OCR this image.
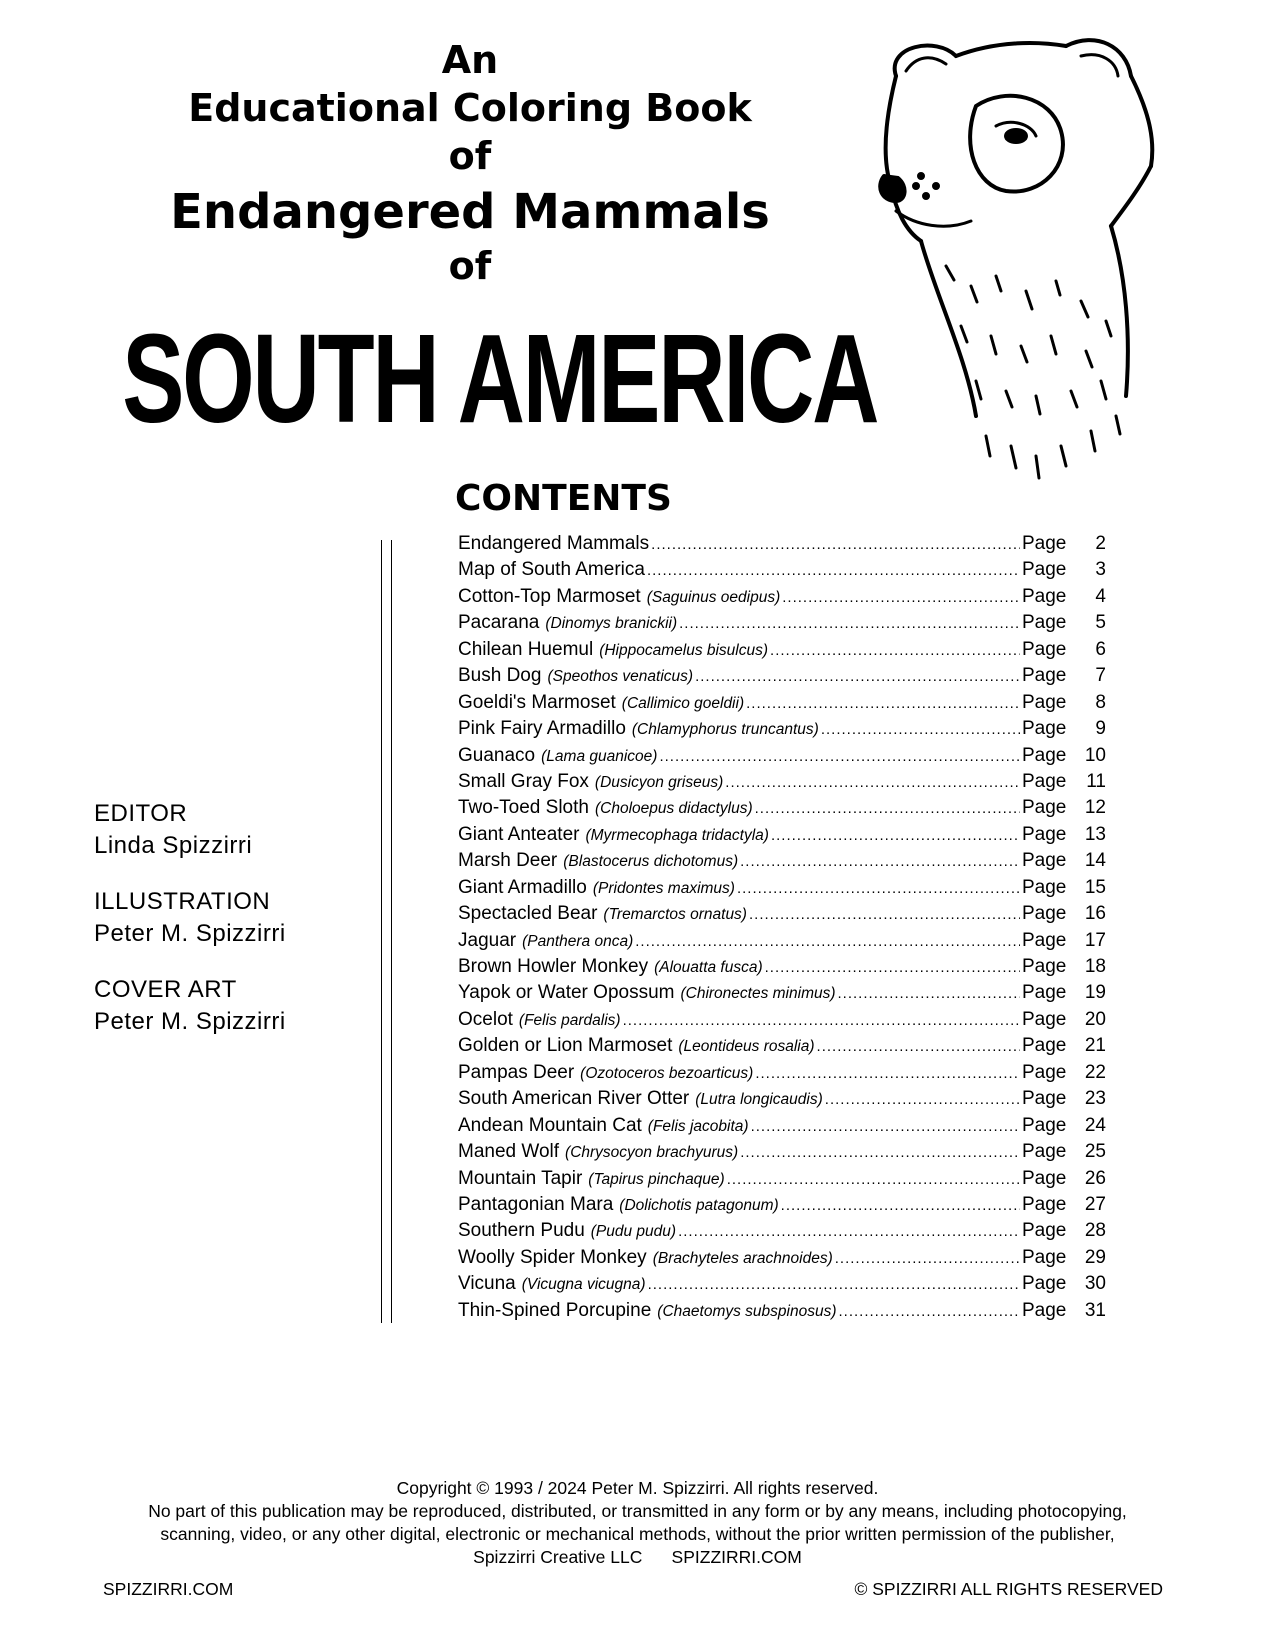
An
Educational Coloring Book
of
Endangered Mammals
of
SOUTH AMERICA
CONTENTS
Endangered Mammals .....	Page	2
Map of South America .....	Page	3
Cotton-Top Marmoset (Saguinus oedipus) .....	Page	4
Pacarana (Dinomys branickii) .....	Page	5
Chilean Huemul (Hippocamelus bisulcus) .....	Page	6
Bush Dog (Speothos venaticus) .....	Page	7
Goeldi's Marmoset (Callimico goeldii) .....	Page	8
Pink Fairy Armadillo (Chlamyphorus truncantus) .....	Page	9
Guanaco (Lama guanicoe) .....	Page 10
Small Gray Fox (Dusicyon griseus) .....	Page	11
Two-Toed Sloth (Choloepus didactylus) .....	Page 12
Giant Anteater (Myrmecophaga tridactyla) .....	Page 13
Marsh Deer (Blastocerus dichotomus) .....	Page 14
Giant Armadillo (Pridontes maximus) .....	Page 15
Spectacled Bear (Tremarctos ornatus) .....	Page 16
Jaguar (Panthera onca) .....	Page 17
Brown Howler Monkey (Alouatta fusca) .....	Page 18
Yapok or Water Opossum (Chironectes minimus) .....	Page 19
Ocelot (Felis pardalis) .....	Page 20
Golden or Lion Marmoset (Leontideus rosalia) .....	Page 21
Pampas Deer (Ozotoceros bezoarticus) .....	Page 22
South American River Otter (Lutra longicaudis) .....	Page 23
Andean Mountain Cat (Felis jacobita) .....	Page 24
Maned Wolf (Chrysocyon brachyurus) .....	Page 25
Mountain Tapir (Tapirus pinchaque) .....	Page 26
Pantagonian Mara (Dolichotis patagonum) .....	Page 27
Southern Pudu (Pudu pudu) .....	Page 28
Woolly Spider Monkey (Brachyteles arachnoides) .....	Page 29
Vicuna (Vicugna vicugna) .....	Page 30
Thin-Spined Porcupine (Chaetomys subspinosus) .....	Page 31
EDITOR
Linda Spizzirri
ILLUSTRATION
Peter M. Spizzirri
COVER ART
Peter M. Spizzirri
Copyright © 1993 / 2024 Peter M. Spizzirri. All rights reserved.
No part of this publication may be reproduced, distributed, or transmitted in any form or by any means, including photocopying,
scanning, video, or any other digital, electronic or mechanical methods, without the prior written permission of the publisher,
Spizzirri Creative LLC      SPIZZIRRI.COM
SPIZZIRRI.COM	© SPIZZIRRI ALL RIGHTS RESERVED
